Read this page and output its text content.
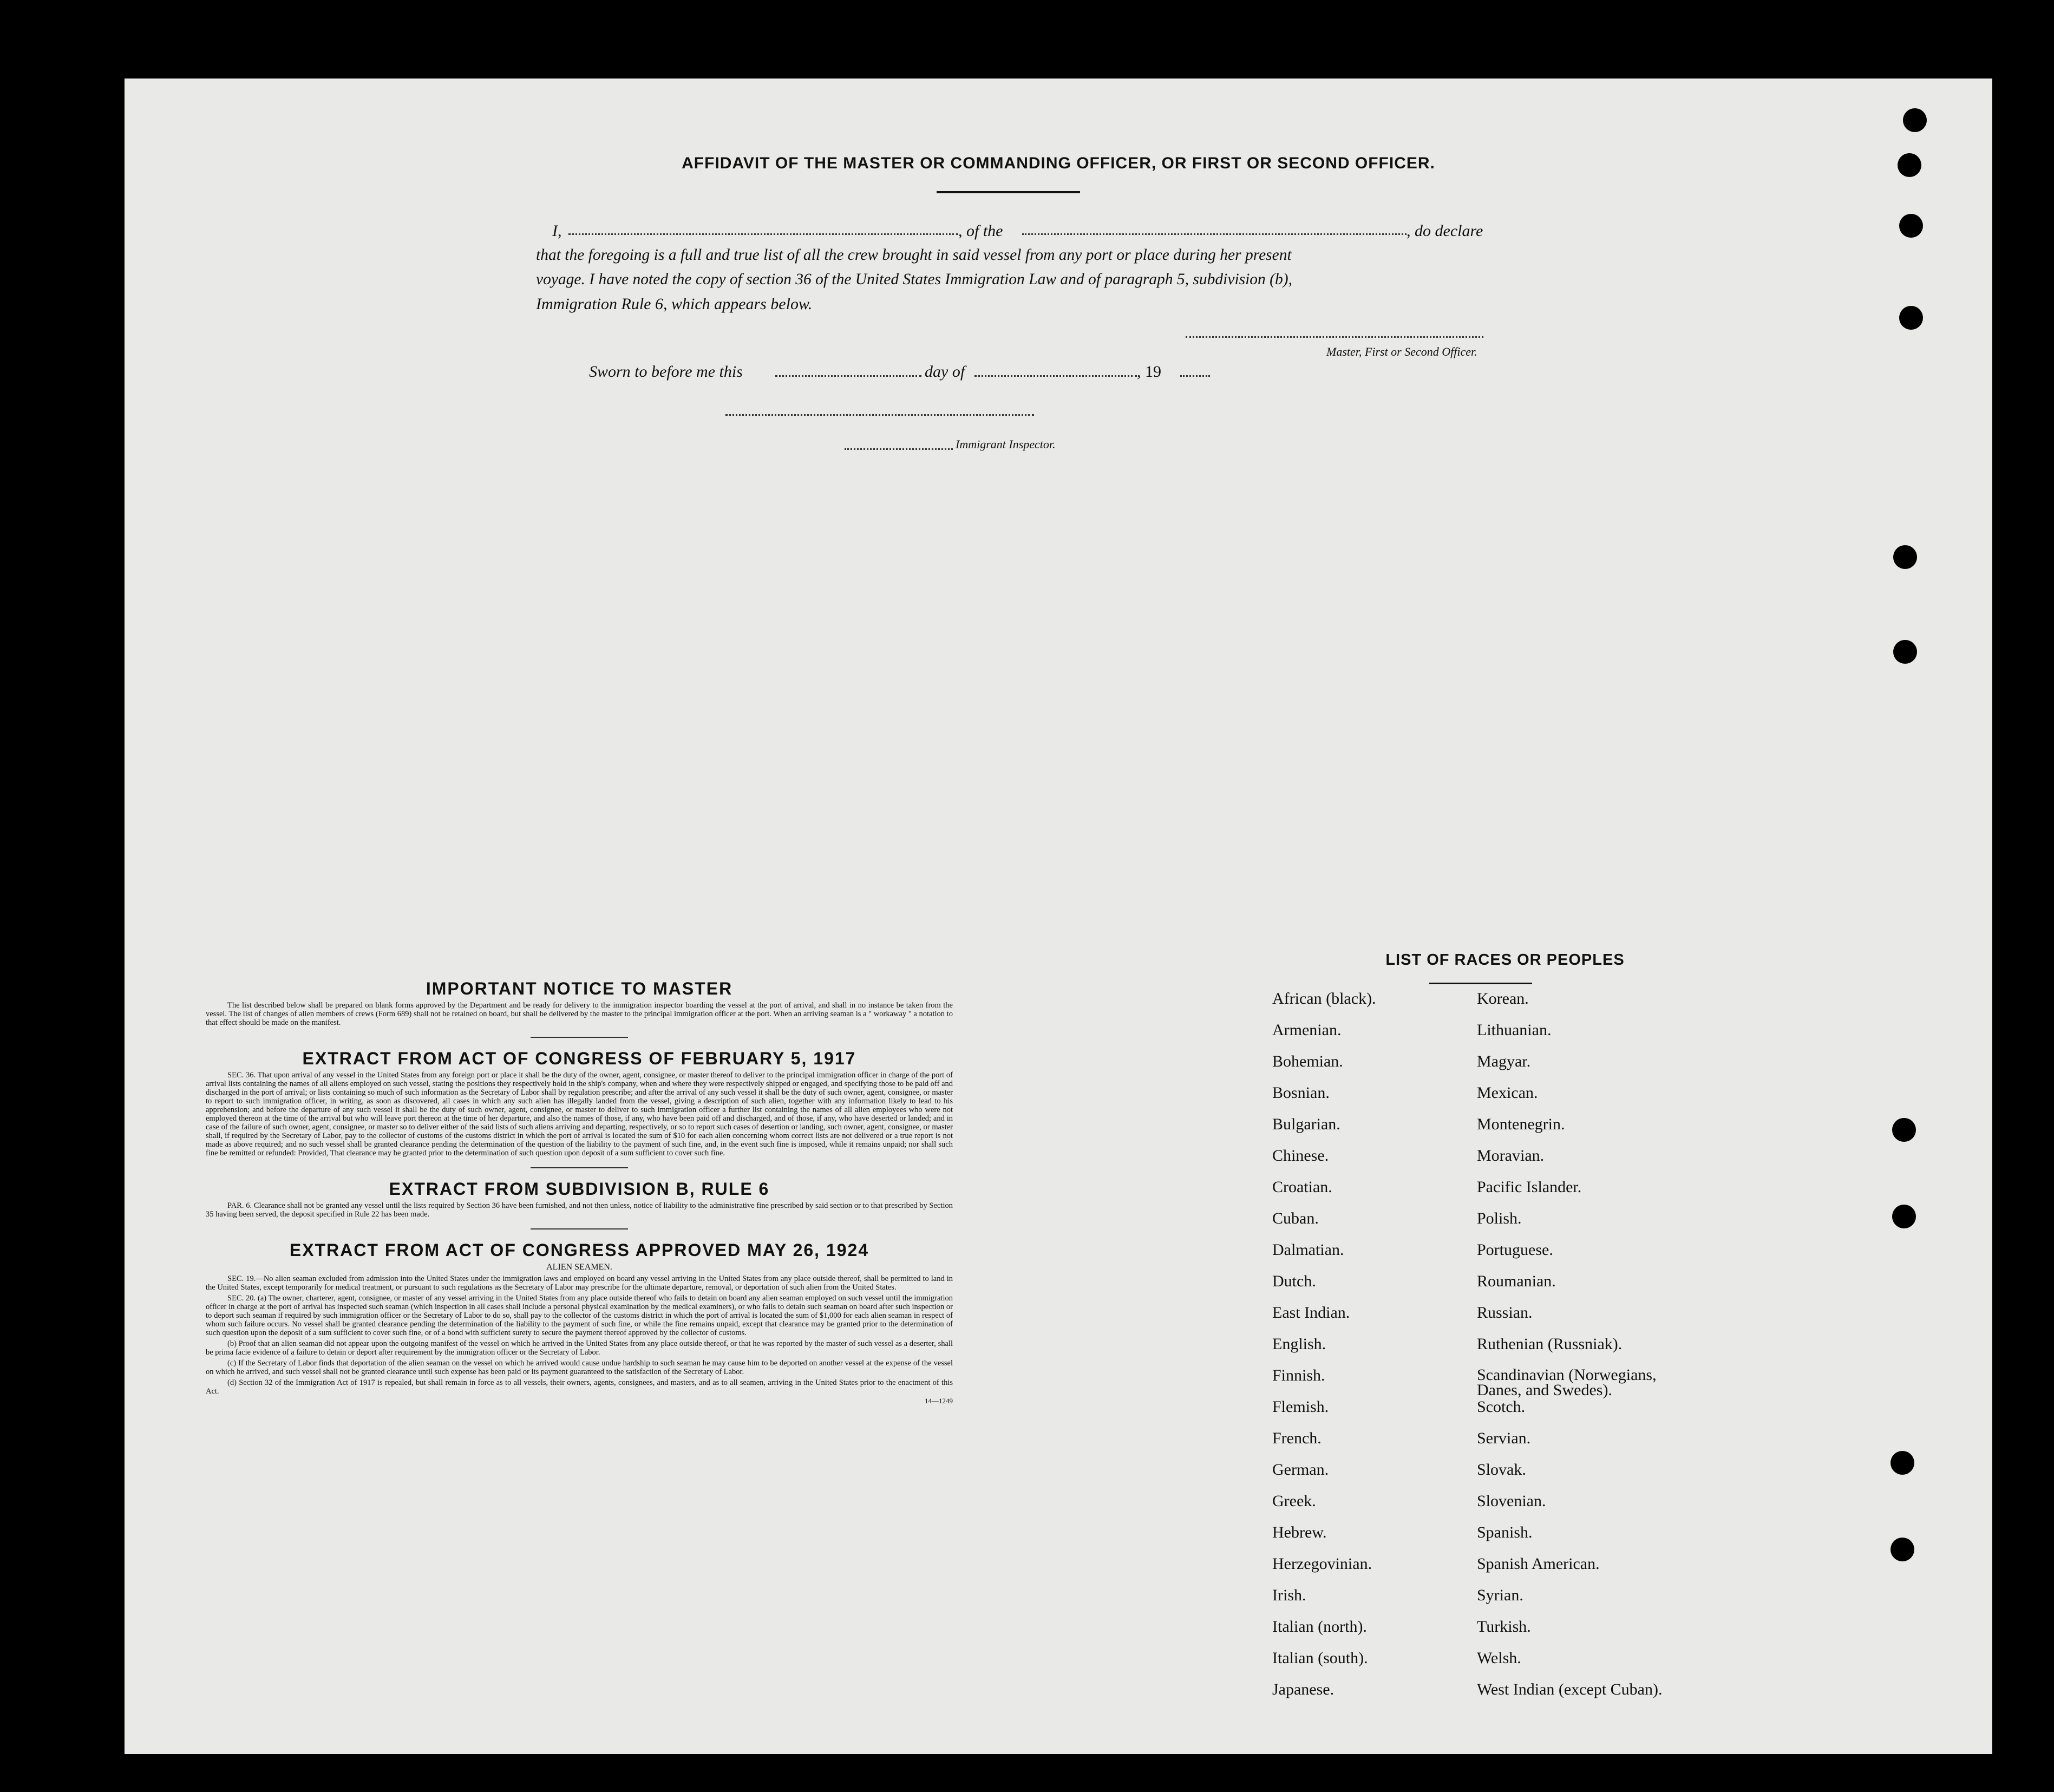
AFFIDAVIT OF THE MASTER OR COMMANDING OFFICER, OR FIRST OR SECOND OFFICER.
I,	, of the	, do declare
that the foregoing is a full and true list of all the crew brought in said vessel from any port or place during her present
voyage. I have noted the copy of section 36 of the United States Immigration Law and of paragraph 5, subdivision (b),
Immigration Rule 6, which appears below.
Master, First or Second Officer.
Sworn to before me this	day of	, 19
Immigrant Inspector.
IMPORTANT NOTICE TO MASTER

The list described below shall be prepared on blank forms approved by the Department and be ready for delivery to the immigration inspector boarding the vessel at the port of arrival, and shall in no instance be taken from the vessel. The list of changes of alien members of crews (Form 689) shall not be retained on board, but shall be delivered by the master to the principal immigration officer at the port. When an arriving seaman is a " workaway " a notation to that effect should be made on the manifest.

EXTRACT FROM ACT OF CONGRESS OF FEBRUARY 5, 1917

SEC. 36. That upon arrival of any vessel in the United States from any foreign port or place it shall be the duty of the owner, agent, consignee, or master thereof to deliver to the principal immigration officer in charge of the port of arrival lists containing the names of all aliens employed on such vessel, stating the positions they respectively hold in the ship's company, when and where they were respectively shipped or engaged, and specifying those to be paid off and discharged in the port of arrival; or lists containing so much of such information as the Secretary of Labor shall by regulation prescribe; and after the arrival of any such vessel it shall be the duty of such owner, agent, consignee, or master to report to such immigration officer, in writing, as soon as discovered, all cases in which any such alien has illegally landed from the vessel, giving a description of such alien, together with any information likely to lead to his apprehension; and before the departure of any such vessel it shall be the duty of such owner, agent, consignee, or master to deliver to such immigration officer a further list containing the names of all alien employees who were not employed thereon at the time of the arrival but who will leave port thereon at the time of her departure, and also the names of those, if any, who have been paid off and discharged, and of those, if any, who have deserted or landed; and in case of the failure of such owner, agent, consignee, or master so to deliver either of the said lists of such aliens arriving and departing, respectively, or so to report such cases of desertion or landing, such owner, agent, consignee, or master shall, if required by the Secretary of Labor, pay to the collector of customs of the customs district in which the port of arrival is located the sum of $10 for each alien concerning whom correct lists are not delivered or a true report is not made as above required; and no such vessel shall be granted clearance pending the determination of the question of the liability to the payment of such fine, and, in the event such fine is imposed, while it remains unpaid; nor shall such fine be remitted or refunded: Provided, That clearance may be granted prior to the determination of such question upon deposit of a sum sufficient to cover such fine.

EXTRACT FROM SUBDIVISION B, RULE 6

PAR. 6. Clearance shall not be granted any vessel until the lists required by Section 36 have been furnished, and not then unless, notice of liability to the administrative fine prescribed by said section or to that prescribed by Section 35 having been served, the deposit specified in Rule 22 has been made.

EXTRACT FROM ACT OF CONGRESS APPROVED MAY 26, 1924

ALIEN SEAMEN.

SEC. 19.—No alien seaman excluded from admission into the United States under the immigration laws and employed on board any vessel arriving in the United States from any place outside thereof, shall be permitted to land in the United States, except temporarily for medical treatment, or pursuant to such regulations as the Secretary of Labor may prescribe for the ultimate departure, removal, or deportation of such alien from the United States.

SEC. 20. (a) The owner, charterer, agent, consignee, or master of any vessel arriving in the United States from any place outside thereof who fails to detain on board any alien seaman employed on such vessel until the immigration officer in charge at the port of arrival has inspected such seaman (which inspection in all cases shall include a personal physical examination by the medical examiners), or who fails to detain such seaman on board after such inspection or to deport such seaman if required by such immigration officer or the Secretary of Labor to do so, shall pay to the collector of the customs district in which the port of arrival is located the sum of $1,000 for each alien seaman in respect of whom such failure occurs. No vessel shall be granted clearance pending the determination of the liability to the payment of such fine, or while the fine remains unpaid, except that clearance may be granted prior to the determination of such question upon the deposit of a sum sufficient to cover such fine, or of a bond with sufficient surety to secure the payment thereof approved by the collector of customs.

(b) Proof that an alien seaman did not appear upon the outgoing manifest of the vessel on which he arrived in the United States from any place outside thereof, or that he was reported by the master of such vessel as a deserter, shall be prima facie evidence of a failure to detain or deport after requirement by the immigration officer or the Secretary of Labor.

(c) If the Secretary of Labor finds that deportation of the alien seaman on the vessel on which he arrived would cause undue hardship to such seaman he may cause him to be deported on another vessel at the expense of the vessel on which he arrived, and such vessel shall not be granted clearance until such expense has been paid or its payment guaranteed to the satisfaction of the Secretary of Labor.

(d) Section 32 of the Immigration Act of 1917 is repealed, but shall remain in force as to all vessels, their owners, agents, consignees, and masters, and as to all seamen, arriving in the United States prior to the enactment of this Act.

14—1249
LIST OF RACES OR PEOPLES
African (black).
Armenian.
Bohemian.
Bosnian.
Bulgarian.
Chinese.
Croatian.
Cuban.
Dalmatian.
Dutch.
East Indian.
English.
Finnish.
Flemish.
French.
German.
Greek.
Hebrew.
Herzegovinian.
Irish.
Italian (north).
Italian (south).
Japanese.
Korean.
Lithuanian.
Magyar.
Mexican.
Montenegrin.
Moravian.
Pacific Islander.
Polish.
Portuguese.
Roumanian.
Russian.
Ruthenian (Russniak).
Scandinavian (Norwegians, Danes, and Swedes).
Scotch.
Servian.
Slovak.
Slovenian.
Spanish.
Spanish American.
Syrian.
Turkish.
Welsh.
West Indian (except Cuban).
